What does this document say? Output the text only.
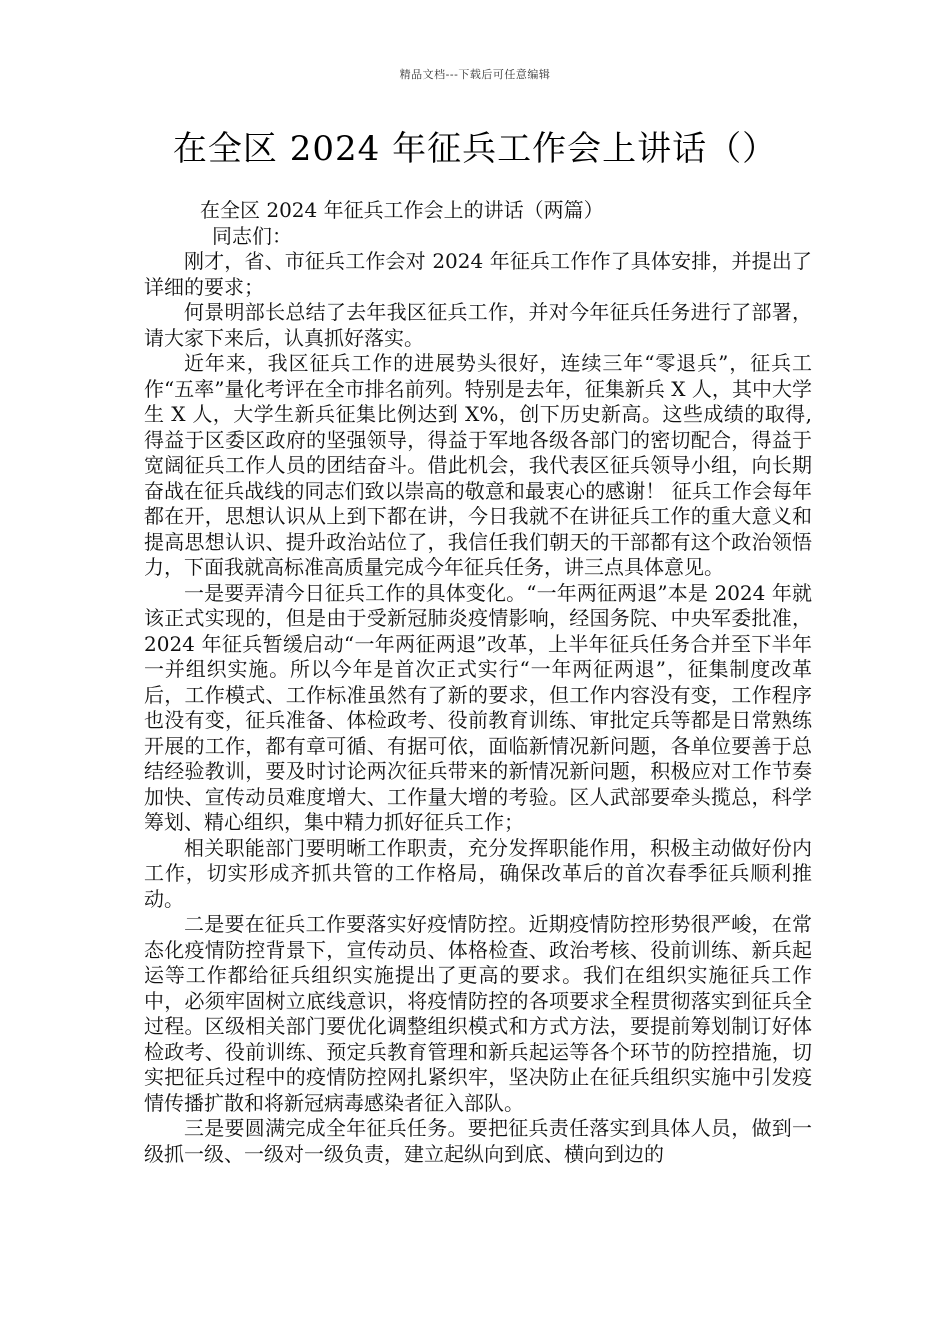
精品文档---下载后可任意编辑
在全区 2024 年征兵工作会上讲话（）

在全区 2024 年征兵工作会上的讲话（两篇）

同志们：

刚才，省、市征兵工作会对 2024 年征兵工作作了具体安排，并提出了详细的要求；

何景明部长总结了去年我区征兵工作，并对今年征兵任务进行了部署，请大家下来后，认真抓好落实。

近年来，我区征兵工作的进展势头很好，连续三年“零退兵”，征兵工作“五率”量化考评在全市排名前列。特别是去年，征集新兵 X 人，其中大学生 X 人，大学生新兵征集比例达到 X%，创下历史新高。这些成绩的取得,得益于区委区政府的坚强领导，得益于军地各级各部门的密切配合，得益于宽阔征兵工作人员的团结奋斗。借此机会，我代表区征兵领导小组，向长期奋战在征兵战线的同志们致以崇高的敬意和最衷心的感谢！ 征兵工作会每年都在开，思想认识从上到下都在讲，今日我就不在讲征兵工作的重大意义和提高思想认识、提升政治站位了，我信任我们朝天的干部都有这个政治领悟力，下面我就高标准高质量完成今年征兵任务，讲三点具体意见。

一是要弄清今日征兵工作的具体变化。“一年两征两退”本是 2024 年就该正式实现的，但是由于受新冠肺炎疫情影响，经国务院、中央军委批准，2024 年征兵暂缓启动“一年两征两退”改革，上半年征兵任务合并至下半年一并组织实施。所以今年是首次正式实行“一年两征两退”，征集制度改革后，工作模式、工作标准虽然有了新的要求，但工作内容没有变，工作程序也没有变，征兵准备、体检政考、役前教育训练、审批定兵等都是日常熟练开展的工作，都有章可循、有据可依，面临新情况新问题，各单位要善于总结经验教训，要及时讨论两次征兵带来的新情况新问题，积极应对工作节奏加快、宣传动员难度增大、工作量大增的考验。区人武部要牵头揽总，科学筹划、精心组织，集中精力抓好征兵工作；

相关职能部门要明晰工作职责，充分发挥职能作用，积极主动做好份内工作，切实形成齐抓共管的工作格局，确保改革后的首次春季征兵顺利推动。

二是要在征兵工作要落实好疫情防控。近期疫情防控形势很严峻，在常态化疫情防控背景下，宣传动员、体格检查、政治考核、役前训练、新兵起运等工作都给征兵组织实施提出了更高的要求。我们在组织实施征兵工作中，必须牢固树立底线意识，将疫情防控的各项要求全程贯彻落实到征兵全过程。区级相关部门要优化调整组织模式和方式方法，要提前筹划制订好体检政考、役前训练、预定兵教育管理和新兵起运等各个环节的防控措施，切实把征兵过程中的疫情防控网扎紧织牢，坚决防止在征兵组织实施中引发疫情传播扩散和将新冠病毒感染者征入部队。

三是要圆满完成全年征兵任务。要把征兵责任落实到具体人员，做到一级抓一级、一级对一级负责，建立起纵向到底、横向到边的
